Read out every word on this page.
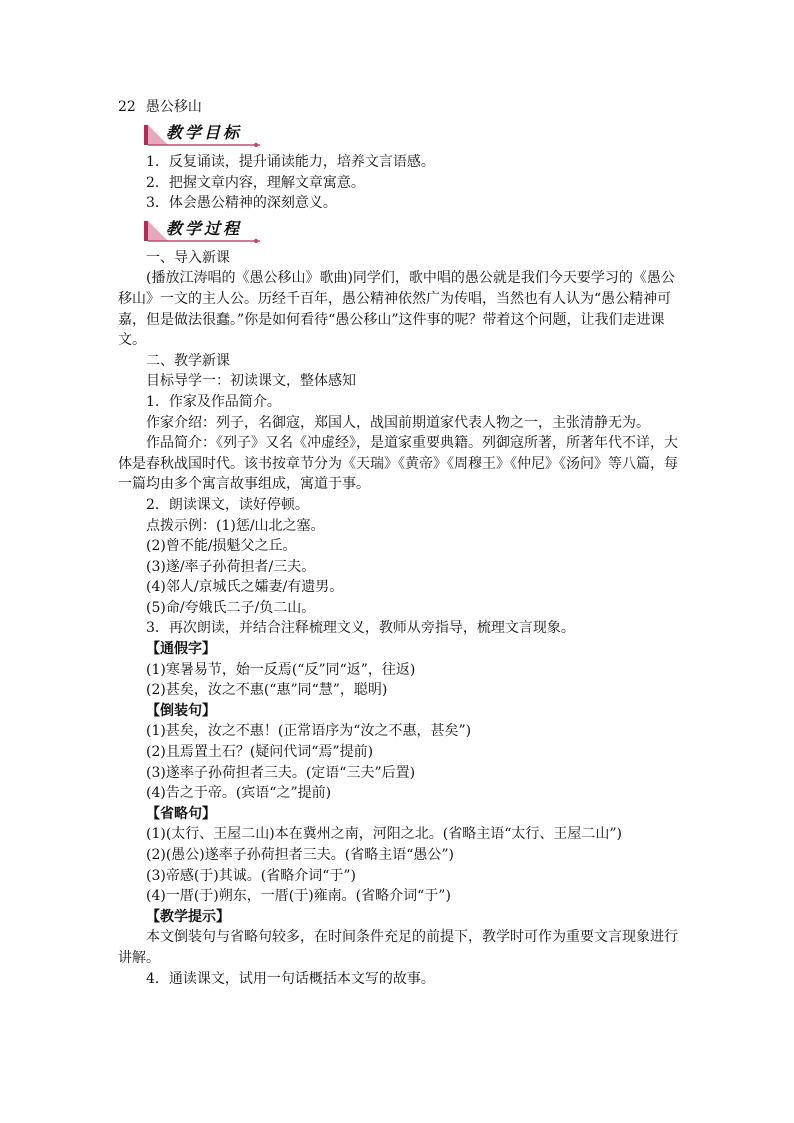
22 愚公移山

教学目标

1．反复诵读，提升诵读能力，培养文言语感。

2．把握文章内容，理解文章寓意。

3．体会愚公精神的深刻意义。

教学过程

一、导入新课

(播放江涛唱的《愚公移山》歌曲)同学们，歌中唱的愚公就是我们今天要学习的《愚公移山》一文的主人公。历经千百年，愚公精神依然广为传唱，当然也有人认为“愚公精神可嘉，但是做法很蠢。”你是如何看待“愚公移山”这件事的呢？带着这个问题，让我们走进课文。

二、教学新课

目标导学一：初读课文，整体感知

1．作家及作品简介。

作家介绍：列子，名御寇，郑国人，战国前期道家代表人物之一，主张清静无为。

作品简介：《列子》又名《冲虚经》，是道家重要典籍。列御寇所著，所著年代不详，大体是春秋战国时代。该书按章节分为《天瑞》《黄帝》《周穆王》《仲尼》《汤问》等八篇，每一篇均由多个寓言故事组成，寓道于事。

2．朗读课文，读好停顿。

点拨示例：(1)惩/山北之塞。

(2)曾不能/损魁父之丘。

(3)遂/率子孙荷担者/三夫。

(4)邻人/京城氏之孀妻/有遗男。

(5)命/夸娥氏二子/负二山。

3．再次朗读，并结合注释梳理文义，教师从旁指导，梳理文言现象。

【通假字】

(1)寒暑易节，始一反焉(“反”同“返”，往返)

(2)甚矣，汝之不惠(“惠”同“慧”，聪明)

【倒装句】

(1)甚矣，汝之不惠！(正常语序为“汝之不惠，甚矣”)

(2)且焉置土石？(疑问代词“焉”提前)

(3)遂率子孙荷担者三夫。(定语“三夫”后置)

(4)告之于帝。(宾语“之”提前)

【省略句】

(1)(太行、王屋二山)本在冀州之南，河阳之北。(省略主语“太行、王屋二山”)

(2)(愚公)遂率子孙荷担者三夫。(省略主语“愚公”)

(3)帝感(于)其诚。(省略介词“于”)

(4)一厝(于)朔东，一厝(于)雍南。(省略介词“于”)

【教学提示】

本文倒装句与省略句较多，在时间条件充足的前提下，教学时可作为重要文言现象进行讲解。

4．通读课文，试用一句话概括本文写的故事。
